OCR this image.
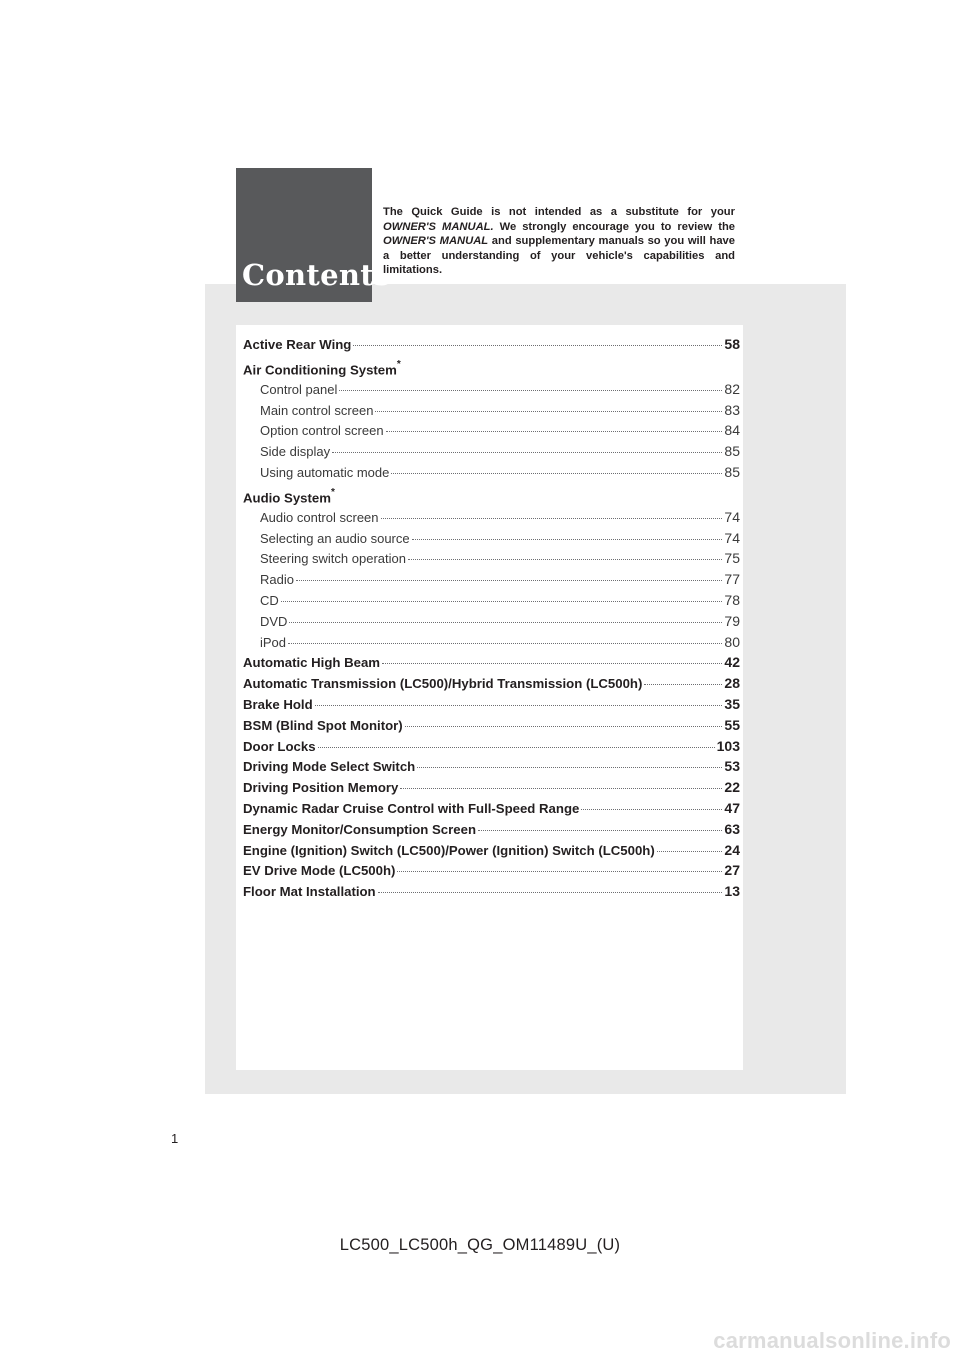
Contents
The Quick Guide is not intended as a substitute for your OWNER'S MANUAL. We strongly encourage you to review the OWNER'S MANUAL and supplementary manuals so you will have a better understanding of your vehicle's capabilities and limitations.
Active Rear Wing	58
Air Conditioning System*
Control panel	82
Main control screen	83
Option control screen	84
Side display	85
Using automatic mode	85
Audio System*
Audio control screen	74
Selecting an audio source	74
Steering switch operation	75
Radio	77
CD	78
DVD	79
iPod	80
Automatic High Beam	42
Automatic Transmission (LC500)/Hybrid Transmission (LC500h)	28
Brake Hold	35
BSM (Blind Spot Monitor)	55
Door Locks	103
Driving Mode Select Switch	53
Driving Position Memory	22
Dynamic Radar Cruise Control with Full-Speed Range	47
Energy Monitor/Consumption Screen	63
Engine (Ignition) Switch (LC500)/Power (Ignition) Switch (LC500h)	24
EV Drive Mode (LC500h)	27
Floor Mat Installation	13
1
LC500_LC500h_QG_OM11489U_(U)
carmanualsonline.info
